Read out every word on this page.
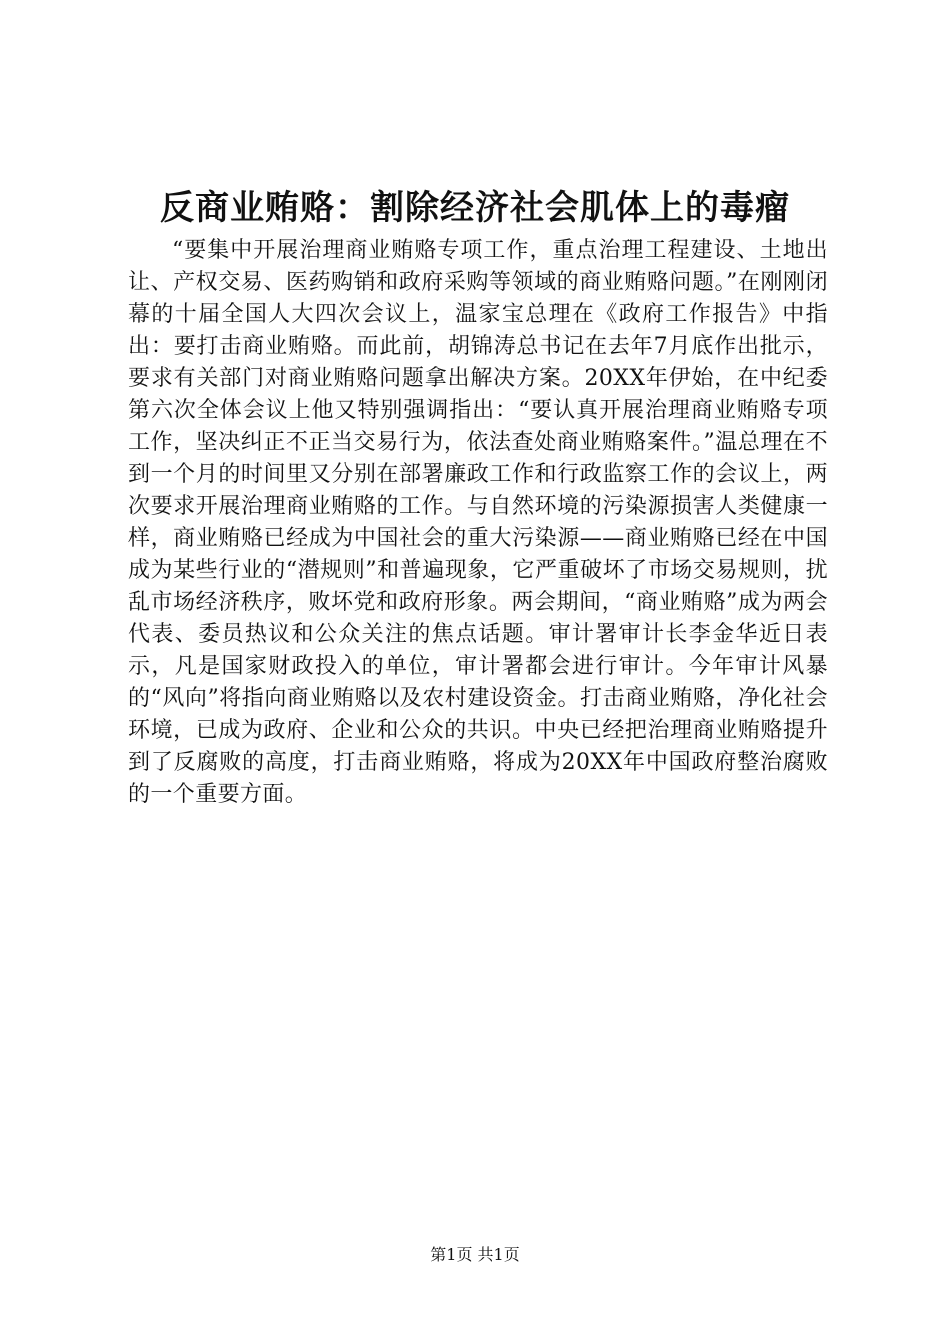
反商业贿赂：割除经济社会肌体上的毒瘤

“要集中开展治理商业贿赂专项工作，重点治理工程建设、土地出让、产权交易、医药购销和政府采购等领域的商业贿赂问题。”在刚刚闭幕的十届全国人大四次会议上，温家宝总理在《政府工作报告》中指出：要打击商业贿赂。而此前，胡锦涛总书记在去年7月底作出批示，要求有关部门对商业贿赂问题拿出解决方案。20XX年伊始，在中纪委第六次全体会议上他又特别强调指出：“要认真开展治理商业贿赂专项工作，坚决纠正不正当交易行为，依法查处商业贿赂案件。”温总理在不到一个月的时间里又分别在部署廉政工作和行政监察工作的会议上，两次要求开展治理商业贿赂的工作。与自然环境的污染源损害人类健康一样，商业贿赂已经成为中国社会的重大污染源——商业贿赂已经在中国成为某些行业的“潜规则”和普遍现象，它严重破坏了市场交易规则，扰乱市场经济秩序，败坏党和政府形象。两会期间，“商业贿赂”成为两会代表、委员热议和公众关注的焦点话题。审计署审计长李金华近日表示，凡是国家财政投入的单位，审计署都会进行审计。今年审计风暴的“风向”将指向商业贿赂以及农村建设资金。打击商业贿赂，净化社会环境，已成为政府、企业和公众的共识。中央已经把治理商业贿赂提升到了反腐败的高度，打击商业贿赂，将成为20XX年中国政府整治腐败的一个重要方面。

第1页 共1页
